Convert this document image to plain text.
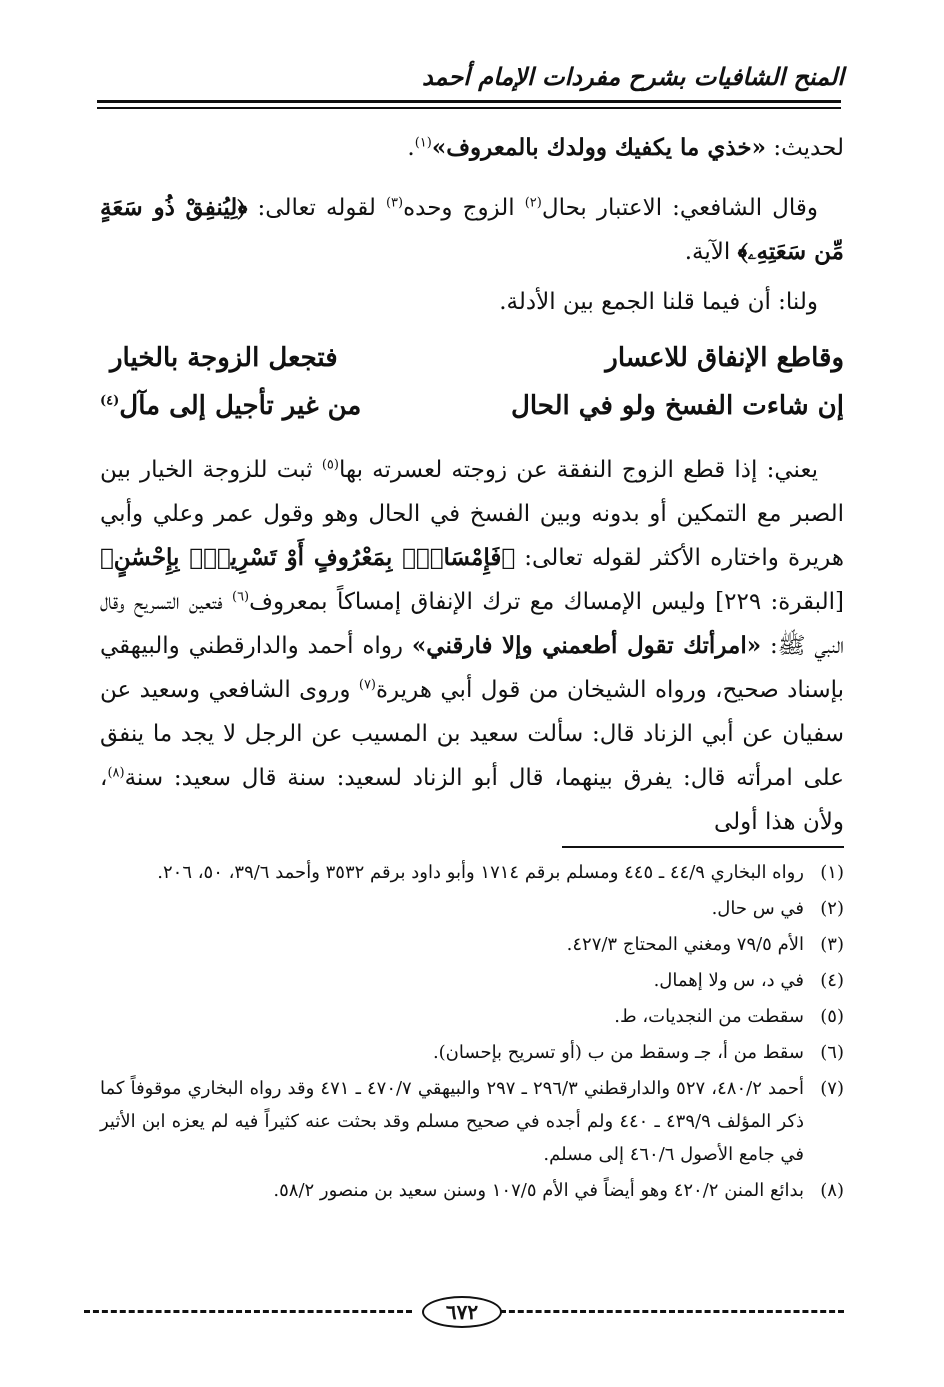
المنح الشافيات بشرح مفردات الإمام أحمد
لحديث: «خذي ما يكفيك وولدك بالمعروف»$^{(١)}$.
وقال الشافعي: الاعتبار بحال$^{(٢)}$ الزوج وحده$^{(٣)}$ لقوله تعالى: ﴿لِيُنفِقْ ذُو سَعَةٍ مِّن سَعَتِهِۦ﴾ الآية.
ولنا: أن فيما قلنا الجمع بين الأدلة.
وقاطع الإنفاق للاعسار
فتجعل الزوجة بالخيار
إن شاءت الفسخ ولو في الحال
من غير تأجيل إلى مآل$^{(٤)}$
يعني: إذا قطع الزوج النفقة عن زوجته لعسرته بها$^{(٥)}$ ثبت للزوجة الخيار بين الصبر مع التمكين أو بدونه وبين الفسخ في الحال وهو وقول عمر وعلي وأبي هريرة واختاره الأكثر لقوله تعالى: ﴿فَإِمْسَاكٌۢ بِمَعْرُوفٍ أَوْ تَسْرِيحٌۢ بِإِحْسَٰنٍ﴾ [البقرة: ٢٢٩] وليس الإمساك مع ترك الإنفاق إمساكاً بمعروف$^{(٦)}$ فتعين التسريح وقال النبي ﷺ: «امرأتك تقول أطعمني وإلا فارقني» رواه أحمد والدارقطني والبيهقي بإسناد صحيح، ورواه الشيخان من قول أبي هريرة$^{(٧)}$ وروى الشافعي وسعيد عن سفيان عن أبي الزناد قال: سألت سعيد بن المسيب عن الرجل لا يجد ما ينفق على امرأته قال: يفرق بينهما، قال أبو الزناد لسعيد: سنة قال سعيد: سنة$^{(٨)}$، ولأن هذا أولى
(١)
رواه البخاري ٤٤/٩ ـ ٤٤٥ ومسلم برقم ١٧١٤ وأبو داود برقم ٣٥٣٢ وأحمد ٣٩/٦، ٥٠، ٢٠٦.
(٢)
في س حال.
(٣)
الأم ٧٩/٥ ومغني المحتاج ٤٢٧/٣.
(٤)
في د، س ولا إهمال.
(٥)
سقطت من النجديات، ط.
(٦)
سقط من أ، جـ وسقط من ب (أو تسريح بإحسان).
(٧)
أحمد ٤٨٠/٢، ٥٢٧ والدارقطني ٢٩٦/٣ ـ ٢٩٧ والبيهقي ٤٧٠/٧ ـ ٤٧١ وقد رواه البخاري موقوفاً كما ذكر المؤلف ٤٣٩/٩ ـ ٤٤٠ ولم أجده في صحيح مسلم وقد بحثت عنه كثيراً فيه لم يعزه ابن الأثير في جامع الأصول ٤٦٠/٦ إلى مسلم.
(٨)
بدائع المنن ٤٢٠/٢ وهو أيضاً في الأم ١٠٧/٥ وسنن سعيد بن منصور ٥٨/٢.
٦٧٢
